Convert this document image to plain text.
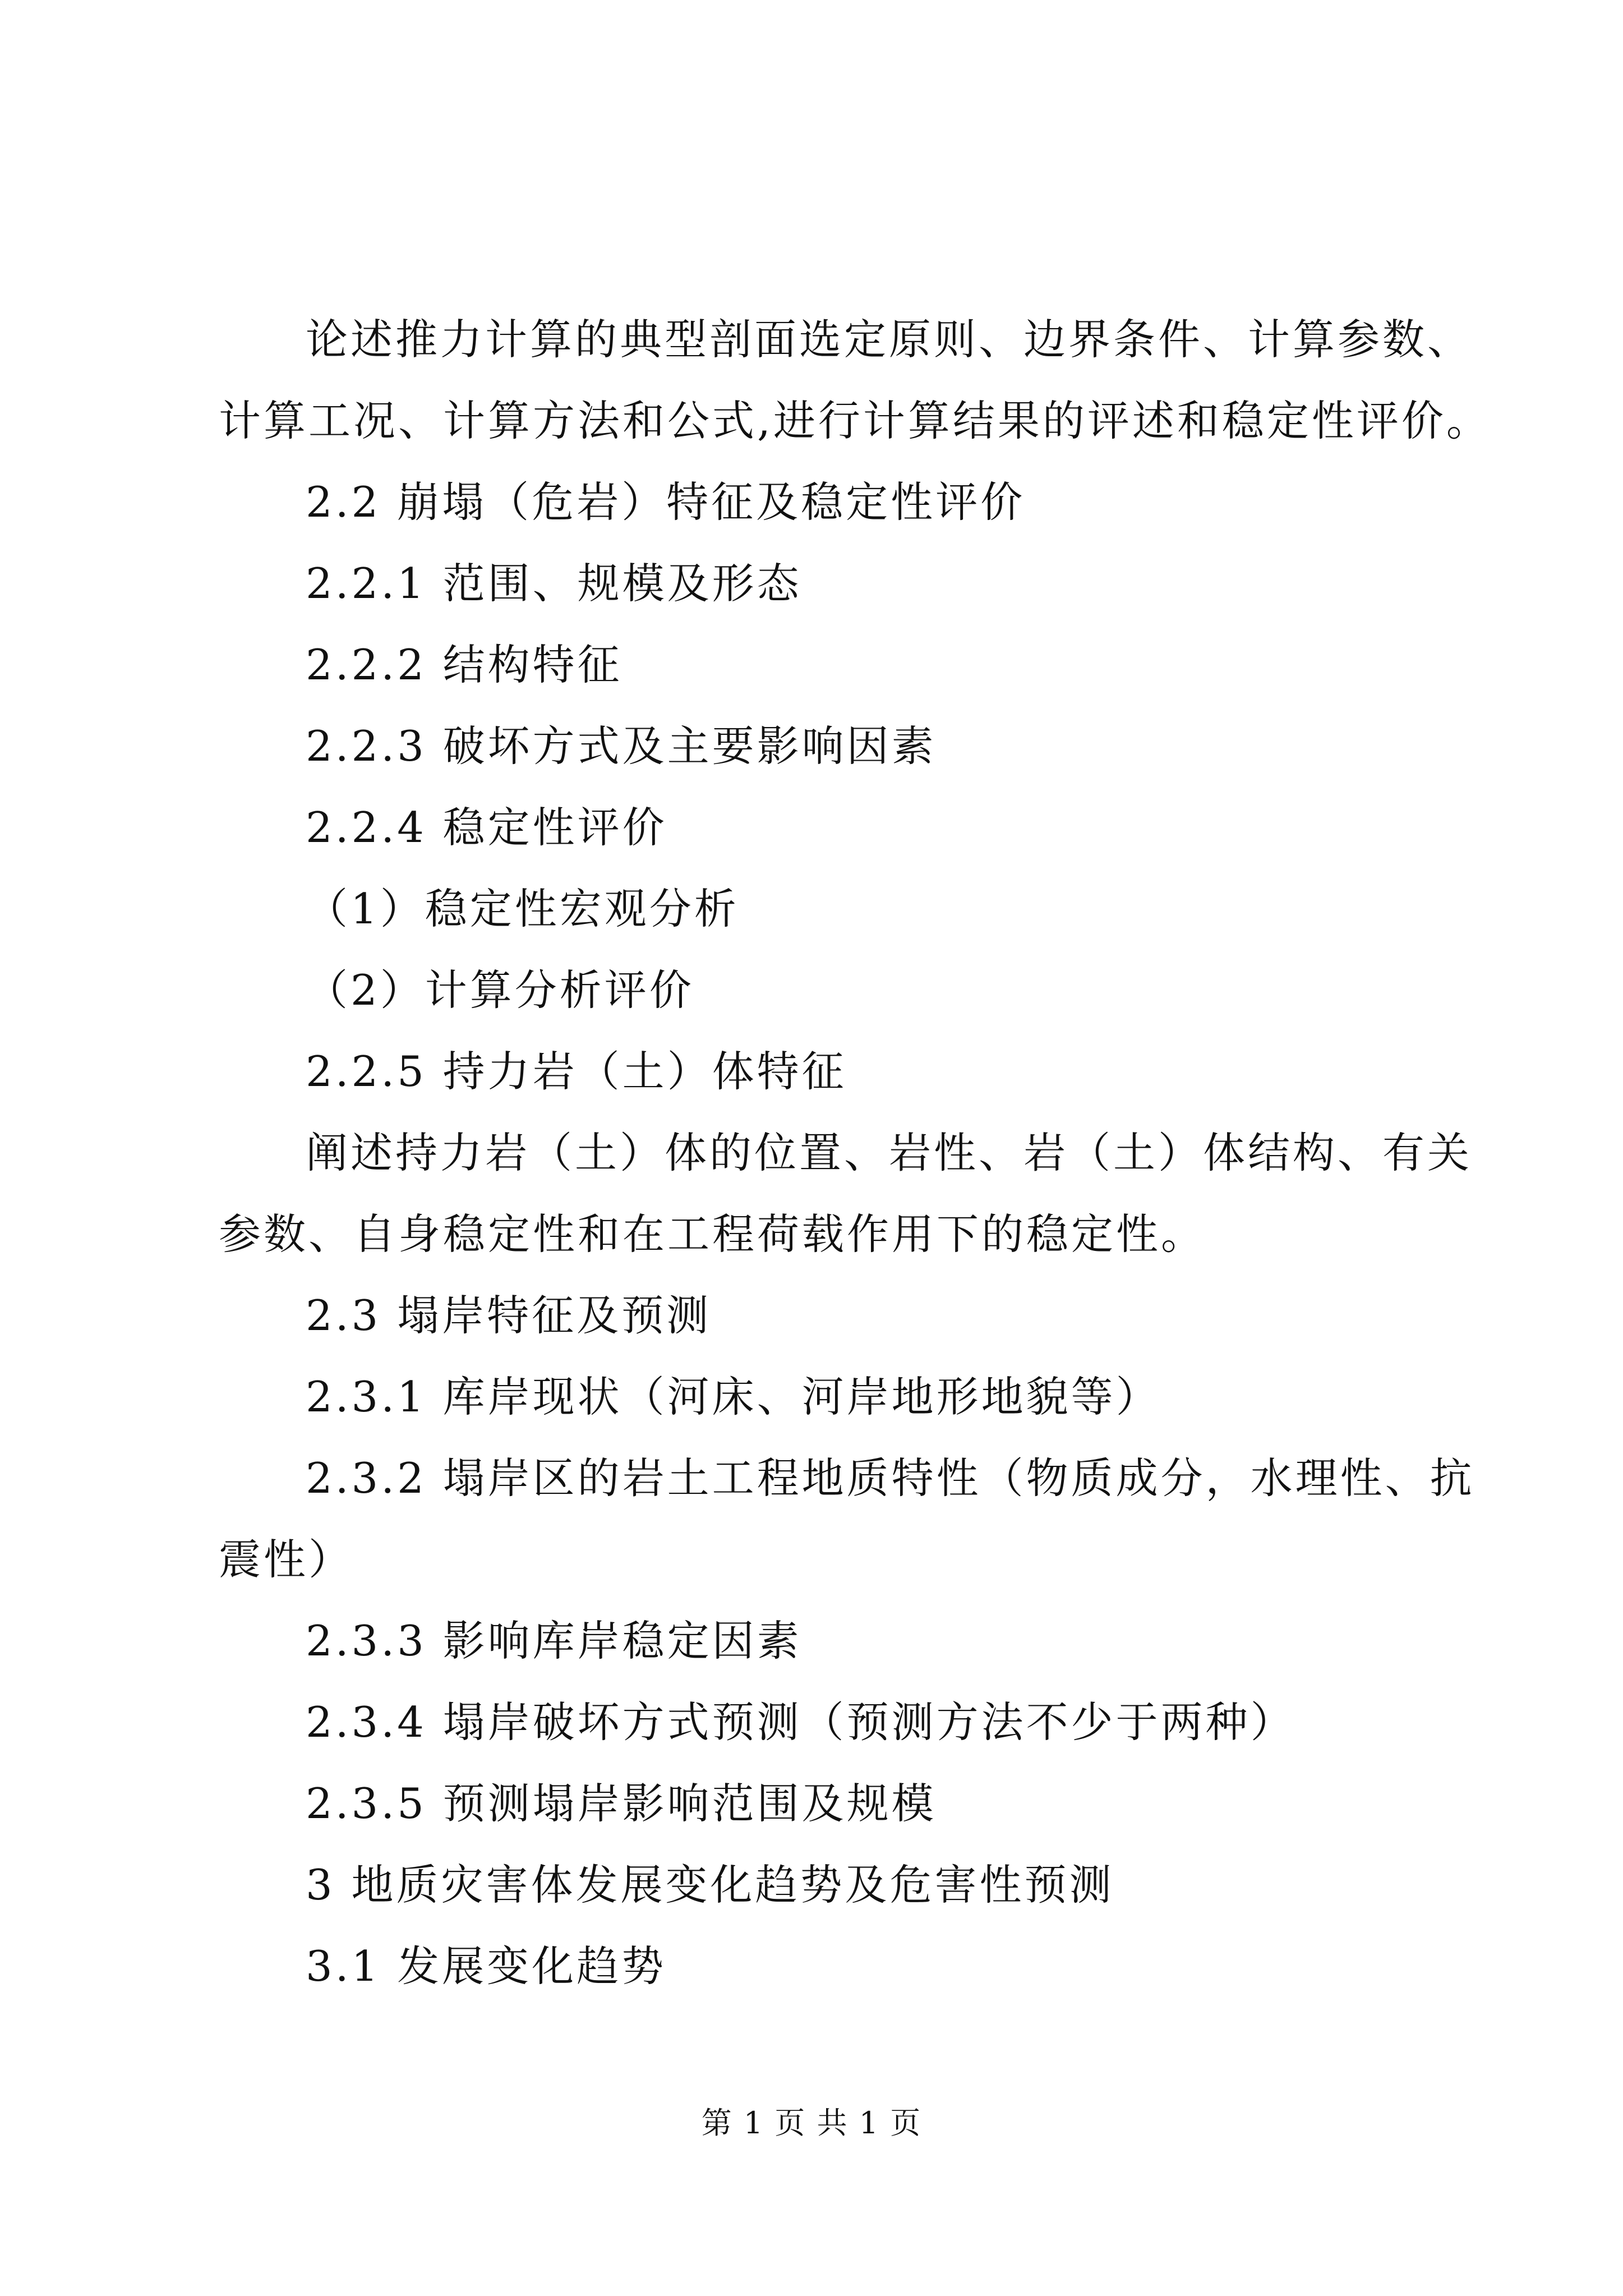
论述推力计算的典型剖面选定原则、边界条件、计算参数、

计算工况、计算方法和公式,进行计算结果的评述和稳定性评价。

2.2 崩塌（危岩）特征及稳定性评价

2.2.1 范围、规模及形态

2.2.2 结构特征

2.2.3 破坏方式及主要影响因素

2.2.4 稳定性评价

（1）稳定性宏观分析

（2）计算分析评价

2.2.5 持力岩（土）体特征

阐述持力岩（土）体的位置、岩性、岩（土）体结构、有关

参数、自身稳定性和在工程荷载作用下的稳定性。

2.3 塌岸特征及预测

2.3.1 库岸现状（河床、河岸地形地貌等）

2.3.2 塌岸区的岩土工程地质特性（物质成分，水理性、抗

震性）

2.3.3 影响库岸稳定因素

2.3.4 塌岸破坏方式预测（预测方法不少于两种）

2.3.5 预测塌岸影响范围及规模

3 地质灾害体发展变化趋势及危害性预测

3.1 发展变化趋势

第 1 页 共 1 页
